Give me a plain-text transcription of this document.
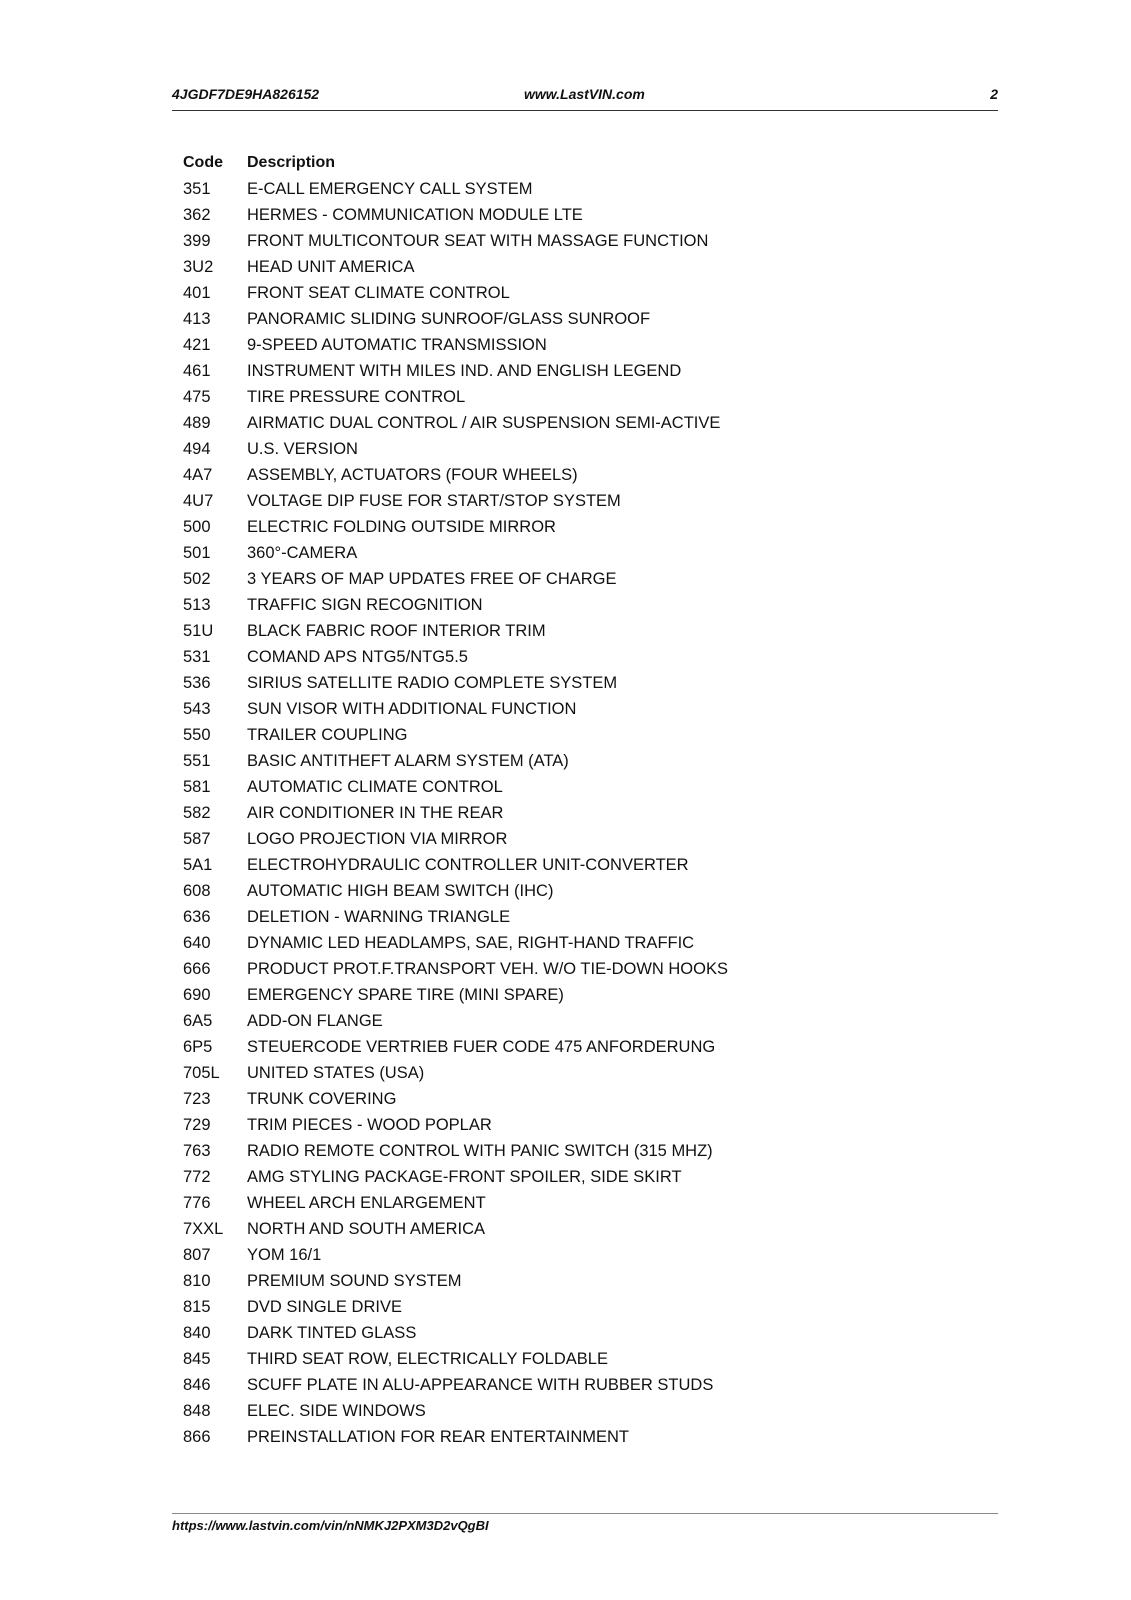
4JGDF7DE9HA826152	www.LastVIN.com	2
Code Description
351 E-CALL EMERGENCY CALL SYSTEM
362 HERMES - COMMUNICATION MODULE LTE
399 FRONT MULTICONTOUR SEAT WITH MASSAGE FUNCTION
3U2 HEAD UNIT AMERICA
401 FRONT SEAT CLIMATE CONTROL
413 PANORAMIC SLIDING SUNROOF/GLASS SUNROOF
421 9-SPEED AUTOMATIC TRANSMISSION
461 INSTRUMENT WITH MILES IND. AND ENGLISH LEGEND
475 TIRE PRESSURE CONTROL
489 AIRMATIC DUAL CONTROL / AIR SUSPENSION SEMI-ACTIVE
494 U.S. VERSION
4A7 ASSEMBLY, ACTUATORS (FOUR WHEELS)
4U7 VOLTAGE DIP FUSE FOR START/STOP SYSTEM
500 ELECTRIC FOLDING OUTSIDE MIRROR
501 360°-CAMERA
502 3 YEARS OF MAP UPDATES FREE OF CHARGE
513 TRAFFIC SIGN RECOGNITION
51U BLACK FABRIC ROOF INTERIOR TRIM
531 COMAND APS NTG5/NTG5.5
536 SIRIUS SATELLITE RADIO COMPLETE SYSTEM
543 SUN VISOR WITH ADDITIONAL FUNCTION
550 TRAILER COUPLING
551 BASIC ANTITHEFT ALARM SYSTEM (ATA)
581 AUTOMATIC CLIMATE CONTROL
582 AIR CONDITIONER IN THE REAR
587 LOGO PROJECTION VIA MIRROR
5A1 ELECTROHYDRAULIC CONTROLLER UNIT-CONVERTER
608 AUTOMATIC HIGH BEAM SWITCH (IHC)
636 DELETION - WARNING TRIANGLE
640 DYNAMIC LED HEADLAMPS, SAE, RIGHT-HAND TRAFFIC
666 PRODUCT PROT.F.TRANSPORT VEH. W/O TIE-DOWN HOOKS
690 EMERGENCY SPARE TIRE (MINI SPARE)
6A5 ADD-ON FLANGE
6P5 STEUERCODE VERTRIEB FUER CODE 475 ANFORDERUNG
705L UNITED STATES (USA)
723 TRUNK COVERING
729 TRIM PIECES - WOOD POPLAR
763 RADIO REMOTE CONTROL WITH PANIC SWITCH (315 MHZ)
772 AMG STYLING PACKAGE-FRONT SPOILER, SIDE SKIRT
776 WHEEL ARCH ENLARGEMENT
7XXL NORTH AND SOUTH AMERICA
807 YOM 16/1
810 PREMIUM SOUND SYSTEM
815 DVD SINGLE DRIVE
840 DARK TINTED GLASS
845 THIRD SEAT ROW, ELECTRICALLY FOLDABLE
846 SCUFF PLATE IN ALU-APPEARANCE WITH RUBBER STUDS
848 ELEC. SIDE WINDOWS
866 PREINSTALLATION FOR REAR ENTERTAINMENT
https://www.lastvin.com/vin/nNMKJ2PXM3D2vQgBI
